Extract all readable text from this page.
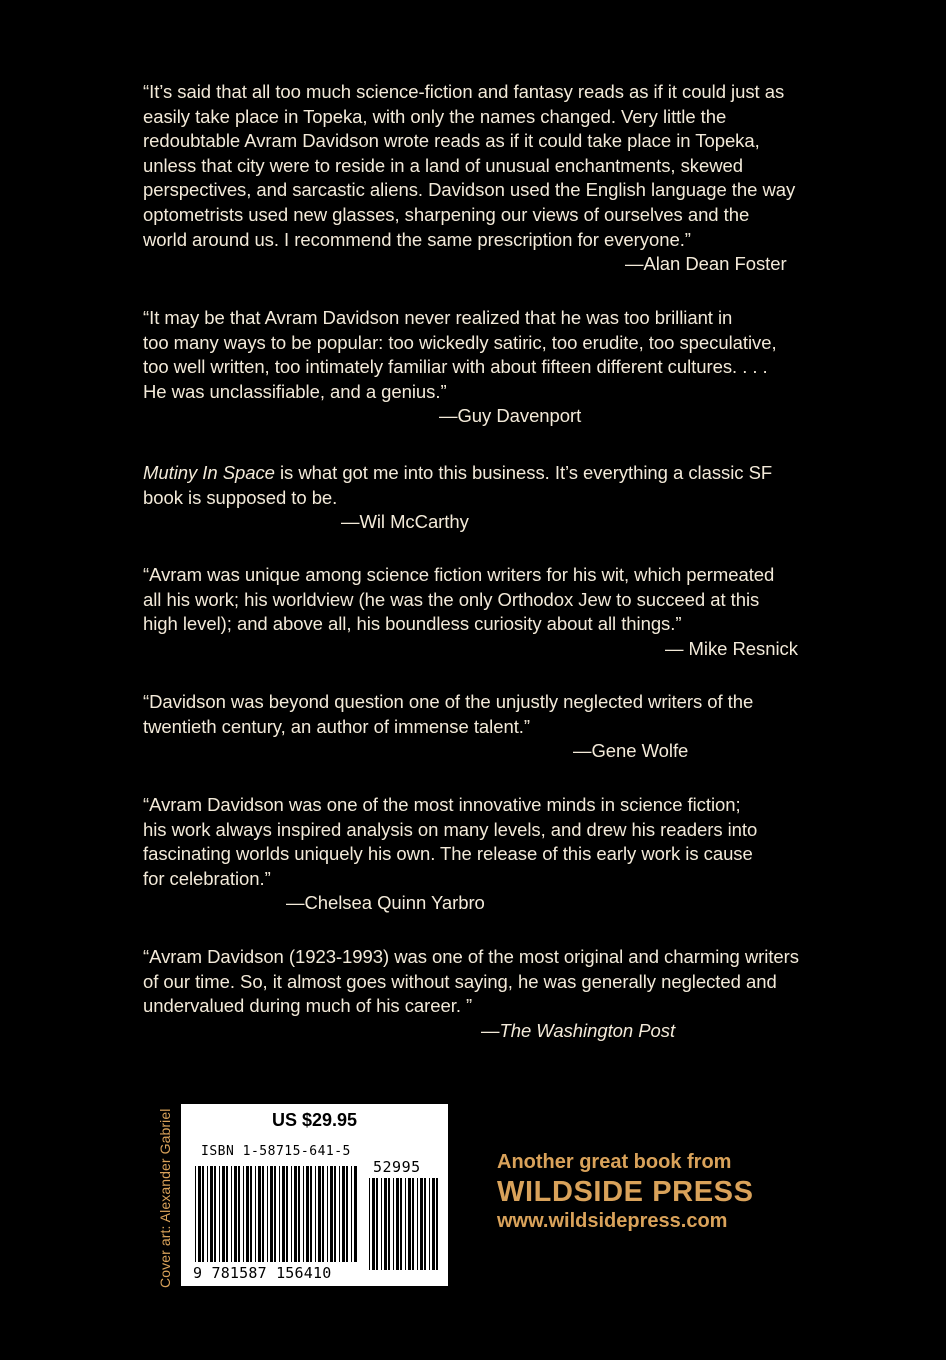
“It’s said that all too much science-fiction and fantasy reads as if it could just as
easily take place in Topeka, with only the names changed. Very little the
redoubtable Avram Davidson wrote reads as if it could take place in Topeka,
unless that city were to reside in a land of unusual enchantments, skewed
perspectives, and sarcastic aliens. Davidson used the English language the way
optometrists used new glasses, sharpening our views of ourselves and the
world around us. I recommend the same prescription for everyone.”

—Alan Dean Foster

“It may be that Avram Davidson never realized that he was too brilliant in
too many ways to be popular: too wickedly satiric, too erudite, too speculative,
too well written, too intimately familiar with about fifteen different cultures. . . .
He was unclassifiable, and a genius.”

—Guy Davenport

Mutiny In Space is what got me into this business. It’s everything a classic SF
book is supposed to be.

—Wil McCarthy

“Avram was unique among science fiction writers for his wit, which permeated
all his work; his worldview (he was the only Orthodox Jew to succeed at this
high level); and above all, his boundless curiosity about all things.”

— Mike Resnick

“Davidson was beyond question one of the unjustly neglected writers of the
twentieth century, an author of immense talent.”

—Gene Wolfe

“Avram Davidson was one of the most innovative minds in science fiction;
his work always inspired analysis on many levels, and drew his readers into
fascinating worlds uniquely his own. The release of this early work is cause
for celebration.”

—Chelsea Quinn Yarbro

“Avram Davidson (1923-1993) was one of the most original and charming writers
of our time. So, it almost goes without saying, he was generally neglected and
undervalued during much of his career. ”

—The Washington Post

Cover art: Alexander Gabriel	US $29.95
ISBN 1-58715-641-5
52995
9 781587 156410
Another great book from
WILDSIDE PRESS
www.wildsidepress.com
